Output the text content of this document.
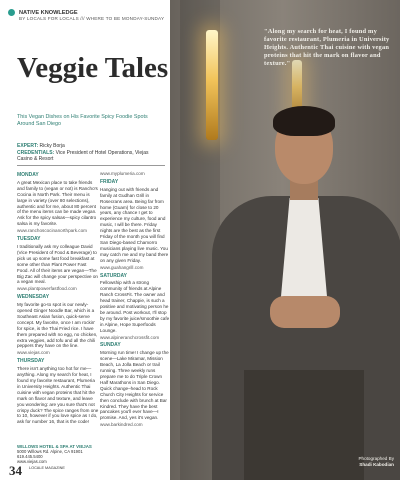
NATIVE KNOWLEDGE
BY LOCALS FOR LOCALS /// WHERE TO BE MONDAY-SUNDAY
Veggie Tales
This Vegan Dishes on His Favorite Spicy Foodie Spots Around San Diego
EXPERT: Ricky Borja
CREDENTIALS: Vice President of Hotel Operations, Viejas Casino & Resort
MONDAY

A great Mexican place to take friends and family to (vegan or not) is Rancho's Cocina in North Park. Their menu is large in variety (over 80 selections), authentic and for me, about 80 percent of the menu items can be made vegan. Ask for the spicy salsas—spicy cilantro salsa is my favorite.

www.ranchoscocinanorthpark.com

TUESDAY

I traditionally ask my colleague David (Vice President of Food & Beverage) to pick us up some fast food breakfast at some other than Plant Power Fast Food. All of their items are vegan—The Big Zac will change your perspective on a vegan meal.

www.plantpowerfastfood.com

WEDNESDAY

My favorite go-to spot is our newly-opened Ginger Noodle Bar, which is a Southeast Asian fusion, quick-serve concept. My favorite, once I am rockin' for spice, is the Thai Fried rice. I have them prepared with no egg, no chicken, extra veggies, add tofu and all the chili peppers they have on the line.

www.viejas.com

THURSDAY

There isn't anything too hot for me—anything. Along my search for heat, I found my favorite restaurant, Plumeria in University Heights. Authentic Thai cuisine with vegan proteins that hit the mark on flavor and texture, and leave you wondering: are you sure that's not crispy duck? The spice ranges from one to 10, however if you love spice as I do, ask for number 16, that is the code!

www.myplumeria.com

FRIDAY

Hanging out with friends and family at Gudhan Grill in Rosecrans area. Being far from home (Guam) for close to 20 years, any chance I get to experience my culture, food and music, I will be there. Friday nights are the best as the first Friday of the month you will find San Diego-based Chamorro musicians playing live music. You may catch me and my band there on any given Friday.

www.guahangrill.com

SATURDAY

Fellowship with a strong community of friends at Alpine Ranch CrossFit. The owner and head trainer, Chappie, is such a positive and motivating person he be around. Post workout, I'll stop by my favorite juice/smoothie cafe in Alpine, Hope Superfoods Lounge.

www.alpineranchcrossfit.com

SUNDAY

Morning run time! I change up the scene—Lake Miramar, Mission Beach, La Jolla Beach or trail running. Three weekly runs prepare me to do Triple Crown Half Marathons in San Diego. Quick change–head to Rock Church City Heights for service then conclude with brunch at Bar Kindred. They have the best pancakes you'll ever have—I promise. And, yes it's vegan.

www.barkindred.com

WILLOWS HOTEL & SPA AT VIEJAS
5000 Willows Rd. Alpine, CA 91901
619.445.5400
www.viejas.com
34 LOCALE MAGAZINE
"Along my search for heat, I found my favorite restaurant, Plumeria in University Heights. Authentic Thai cuisine with vegan proteins that hit the mark on flavor and texture."
Photographed By
Shadi Kabodian
